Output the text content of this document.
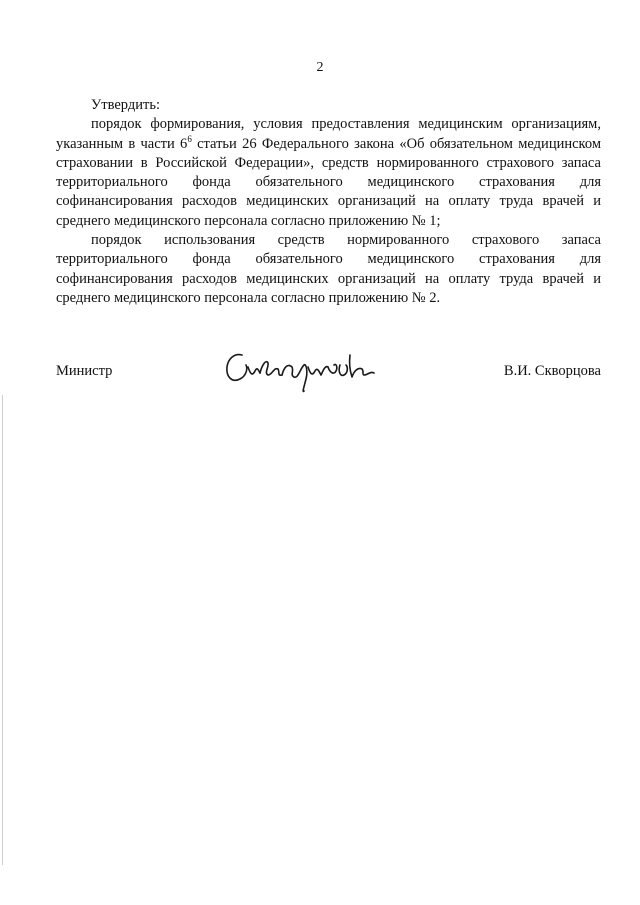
2

Утвердить:

порядок формирования, условия предоставления медицинским организациям, указанным в части $6^6$ статьи 26 Федерального закона «Об обязательном медицинском страховании в Российской Федерации», средств нормированного страхового запаса территориального фонда обязательного медицинского страхования для софинансирования расходов медицинских организаций на оплату труда врачей и среднего медицинского персонала согласно приложению № 1;

порядок использования средств нормированного страхового запаса территориального фонда обязательного медицинского страхования для софинансирования расходов медицинских организаций на оплату труда врачей и среднего медицинского персонала согласно приложению № 2.

Министр	В.И. Скворцова
